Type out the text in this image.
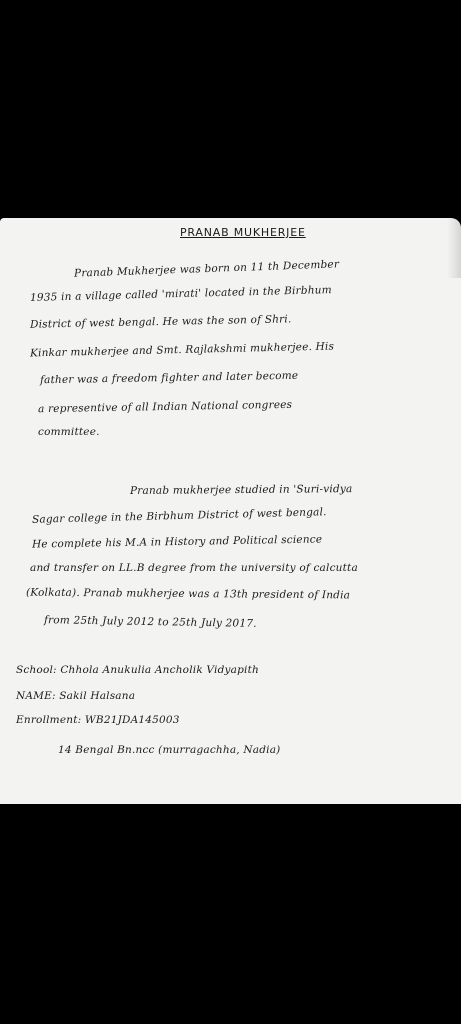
PRANAB MUKHERJEE
Pranab Mukherjee was born on 11 th December
1935 in a village called 'mirati' located in the Birbhum
District of west bengal. He was the son of Shri.
Kinkar mukherjee and Smt. Rajlakshmi mukherjee. His
father was a freedom fighter and later become
a representive of all Indian National congrees
committee.
Pranab mukherjee studied in 'Suri-vidya
Sagar college in the Birbhum District of west bengal.
He complete his M.A in History and Political science
and transfer on LL.B degree from the university of calcutta
(Kolkata). Pranab mukherjee was a 13th president of India
from 25th July 2012 to 25th July 2017.
School: Chhola Anukulia Ancholik Vidyapith
NAME: Sakil Halsana
Enrollment: WB21JDA145003
14 Bengal Bn.ncc (murragachha, Nadia)
